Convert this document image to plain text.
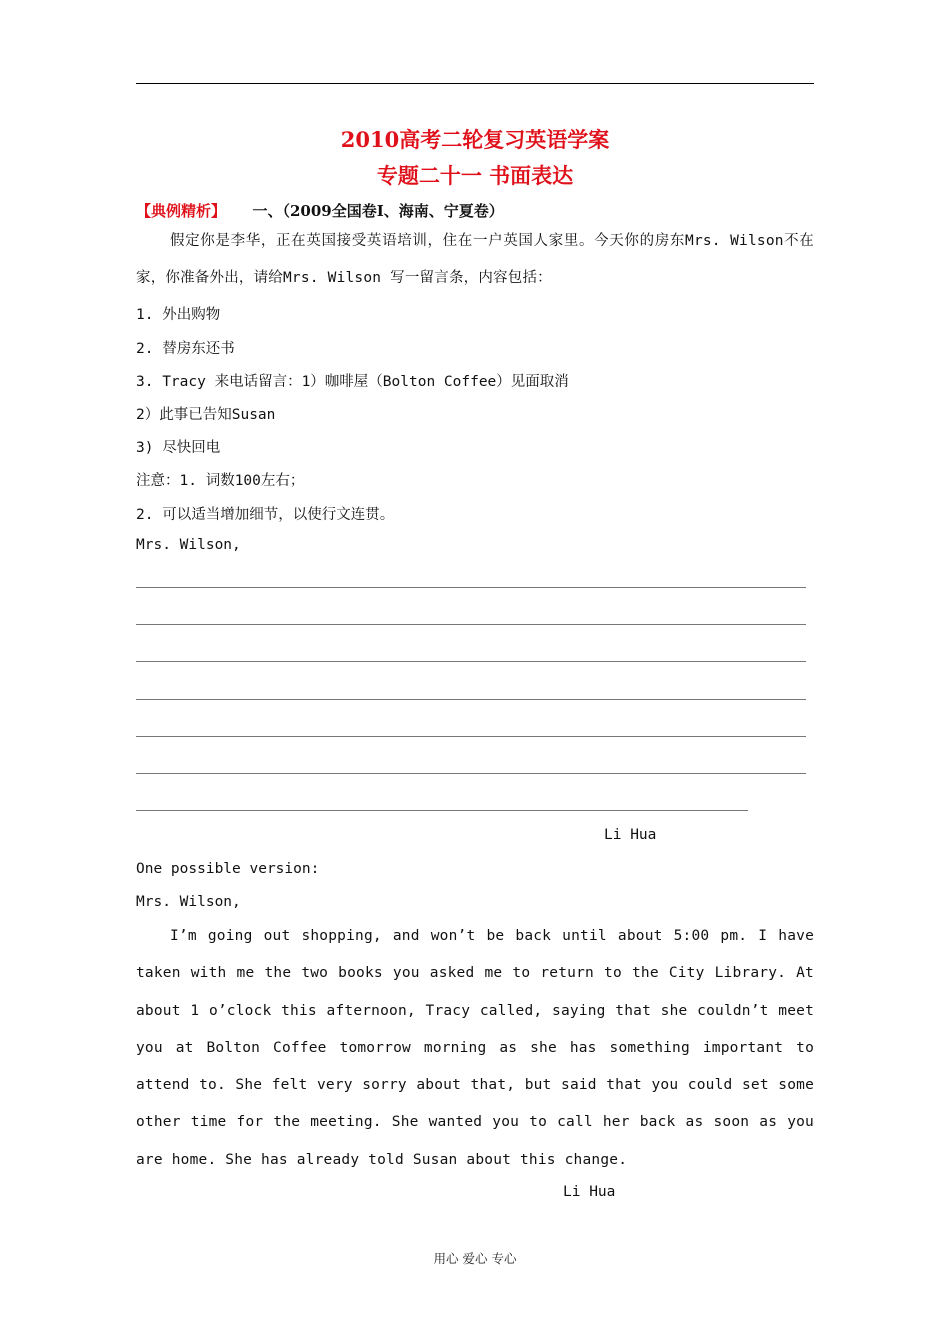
2010高考二轮复习英语学案
专题二十一 书面表达
【典例精析】 一、（2009全国卷I、海南、宁夏卷）
假定你是李华，正在英国接受英语培训，住在一户英国人家里。今天你的房东Mrs. Wilson不在家，你准备外出，请给Mrs. Wilson 写一留言条，内容包括：
1. 外出购物
2. 替房东还书
3. Tracy 来电话留言：1）咖啡屋（Bolton Coffee）见面取消
2）此事已告知Susan
3) 尽快回电
注意：1. 词数100左右；
2. 可以适当增加细节，以使行文连贯。
Mrs. Wilson,
Li Hua
One possible version:
Mrs. Wilson,
I’m going out shopping, and won’t be back until about 5:00 pm. I have taken with me the two books you asked me to return to the City Library. At about 1 o’clock this afternoon, Tracy called, saying that she couldn’t meet you at Bolton Coffee tomorrow morning as she has something important to attend to. She felt very sorry about that, but said that you could set some other time for the meeting. She wanted you to call her back as soon as you are home. She has already told Susan about this change.
Li Hua
用心 爱心 专心
